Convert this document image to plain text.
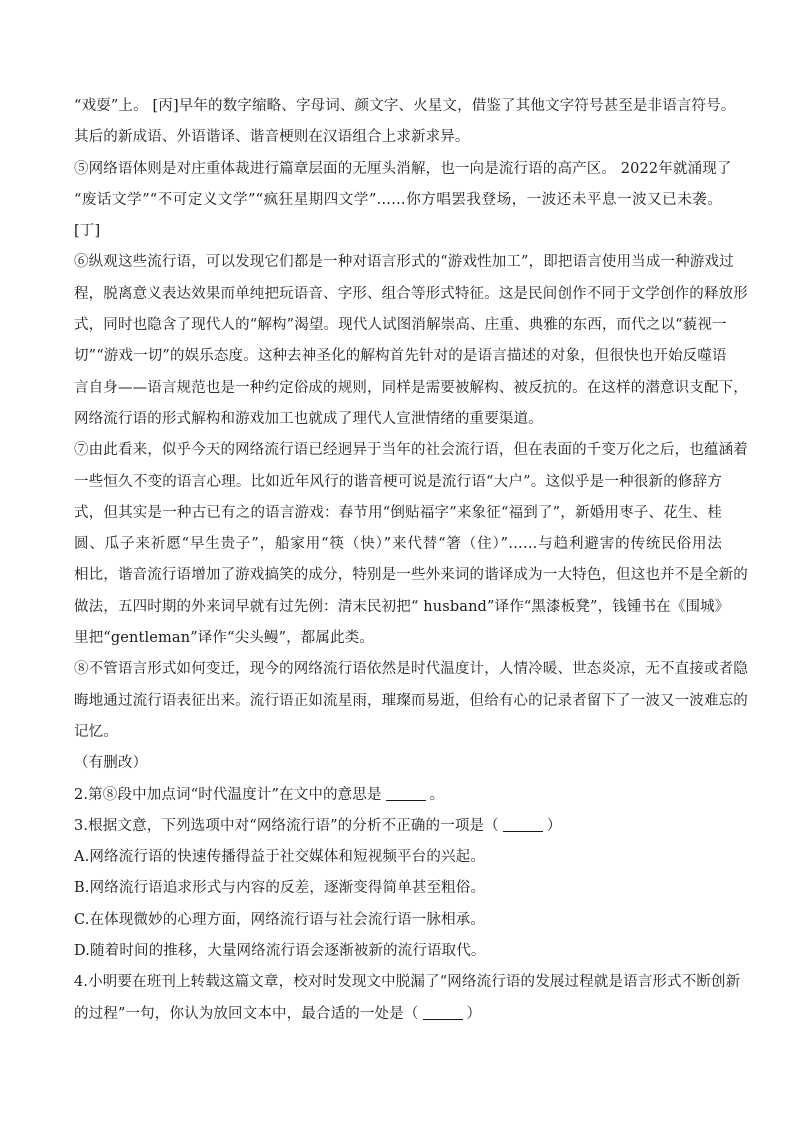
“戏耍”上。 [丙]早年的数字缩略、字母词、颜文字、火星文，借鉴了其他文字符号甚至是非语言符号。

其后的新成语、外语谐译、谐音梗则在汉语组合上求新求异。

⑤网络语体则是对庄重体裁进行篇章层面的无厘头消解，也一向是流行语的高产区。 2022年就涌现了

“废话文学”“不可定义文学”“疯狂星期四文学”……你方唱罢我登场，一波还未平息一波又已未袭。

[丁]

⑥纵观这些流行语，可以发现它们都是一种对语言形式的“游戏性加工”，即把语言使用当成一种游戏过

程，脱离意义表达效果而单纯把玩语音、字形、组合等形式特征。这是民间创作不同于文学创作的释放形

式，同时也隐含了现代人的“解构”渴望。现代人试图消解崇高、庄重、典雅的东西，而代之以“藐视一

切”“游戏一切”的娱乐态度。这种去神圣化的解构首先针对的是语言描述的对象，但很快也开始反噬语

言自身——语言规范也是一种约定俗成的规则，同样是需要被解构、被反抗的。在这样的潜意识支配下，

网络流行语的形式解构和游戏加工也就成了理代人宣泄情绪的重要渠道。

⑦由此看来，似乎今天的网络流行语已经迥异于当年的社会流行语，但在表面的千变万化之后，也蕴涵着

一些恒久不变的语言心理。比如近年风行的谐音梗可说是流行语“大户”。这似乎是一种很新的修辞方

式，但其实是一种古已有之的语言游戏：春节用“倒贴福字”来象征“福到了”，新婚用枣子、花生、桂

圆、瓜子来祈愿“早生贵子”，船家用“筷（快）”来代替“箸（住）”……与趋利避害的传统民俗用法

相比，谐音流行语增加了游戏搞笑的成分，特别是一些外来词的谐译成为一大特色，但这也并不是全新的

做法，五四时期的外来词早就有过先例：清末民初把“ husband”译作“黑漆板凳”，钱锺书在《围城》

里把“gentleman”译作“尖头鳗”，都属此类。

⑧不管语言形式如何变迁，现今的网络流行语依然是时代温度计，人情冷暖、世态炎凉，无不直接或者隐

晦地通过流行语表征出来。流行语正如流星雨，璀璨而易逝，但给有心的记录者留下了一波又一波难忘的

记忆。

（有删改）

2.第⑧段中加点词“时代温度计”在文中的意思是	。

3.根据文意，下列选项中对“网络流行语”的分析不正确的一项是（	）

A.网络流行语的快速传播得益于社交媒体和短视频平台的兴起。

B.网络流行语追求形式与内容的反差，逐渐变得简单甚至粗俗。

C.在体现微妙的心理方面，网络流行语与社会流行语一脉相承。

D.随着时间的推移，大量网络流行语会逐渐被新的流行语取代。

4.小明要在班刊上转载这篇文章，校对时发现文中脱漏了“网络流行语的发展过程就是语言形式不断创新

的过程”一句，你认为放回文本中，最合适的一处是（	）
